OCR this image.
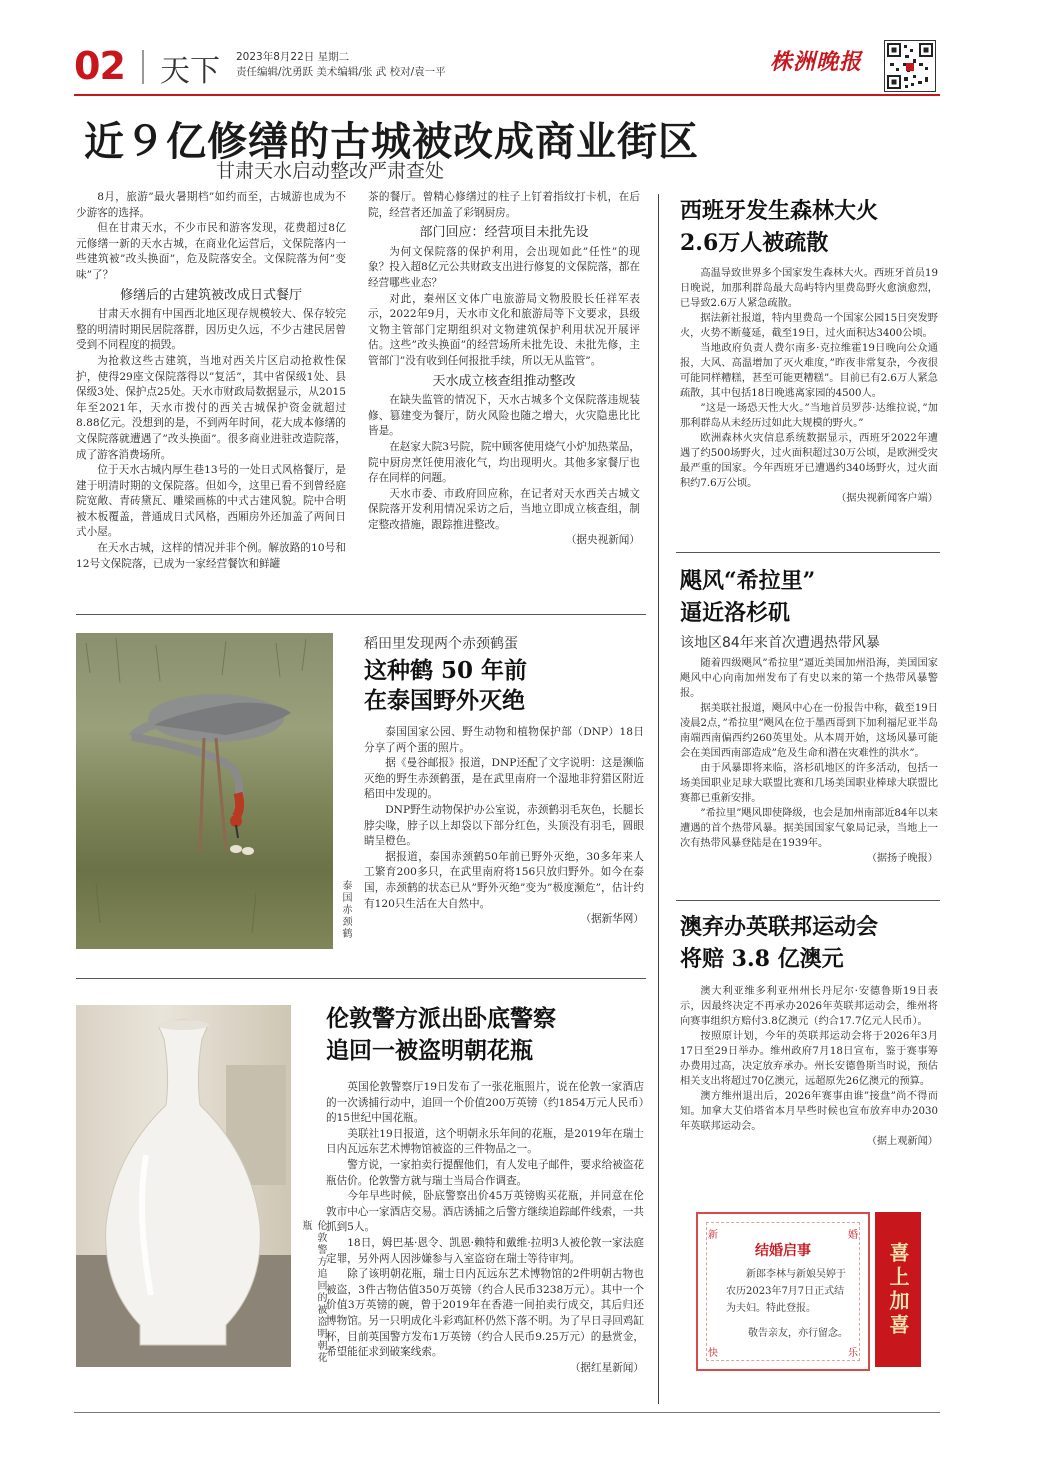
02 天下 2023年8月22日 星期二
责任编辑/沈勇跃 美术编辑/张 武 校对/袁一平	株洲晚报
近９亿修缮的古城被改成商业街区
甘肃天水启动整改严肃查处

8月，旅游”最火暑期档”如约而至，古城游也成为不少游客的选择。

但在甘肃天水，不少市民和游客发现，花费超过8亿元修缮一新的天水古城，在商业化运营后，文保院落内一些建筑被”改头换面”，危及院落安全。文保院落为何”变味”了？

修缮后的古建筑被改成日式餐厅

甘肃天水拥有中国西北地区现存规模较大、保存较完整的明清时期民居院落群，因历史久远，不少古建民居曾受到不同程度的损毁。

为抢救这些古建筑，当地对西关片区启动抢救性保护，使得29座文保院落得以”复活”，其中省保级1处、县保级3处、保护点25处。天水市财政局数据显示，从2015年至2021年，天水市拨付的西关古城保护资金就超过8.88亿元。没想到的是，不到两年时间，花大成本修缮的文保院落就遭遇了”改头换面”。很多商业进驻改造院落，成了游客消费场所。

位于天水古城内厚生巷13号的一处日式风格餐厅，是建于明清时期的文保院落。但如今，这里已看不到曾经庭院宽敞、青砖黛瓦、雕梁画栋的中式古建风貌。院中合明被木板覆盖，普通成日式风格，西厢房外还加盖了两间日式小屋。

在天水古城，这样的情况并非个例。解放路的10号和12号文保院落，已成为一家经营餐饮和鲜罐

茶的餐厅。曾精心修缮过的柱子上钉着指纹打卡机，在后院，经营者还加盖了彩钢厨房。

部门回应：经营项目未批先设

为何文保院落的保护利用，会出现如此”任性”的现象？投入超8亿元公共财政支出进行修复的文保院落，都在经营哪些业态？

对此，秦州区文体广电旅游局文物股股长任祥军表示，2022年9月，天水市文化和旅游局等下文要求，县级文物主管部门定期组织对文物建筑保护利用状况开展评估。这些”改头换面”的经营场所未批先设、未批先修，主管部门”没有收到任何报批手续，所以无从监管”。

天水成立核查组推动整改

在缺失监管的情况下，天水古城多个文保院落违规装修、篡建变为餐厅，防火风险也随之增大，火灾隐患比比皆是。

在赵家大院3号院，院中顾客使用烧气小炉加热菜品，院中厨房烹饪使用液化气，均出现明火。其他多家餐厅也存在同样的问题。

天水市委、市政府回应称，在记者对天水西关古城文保院落开发利用情况采访之后，当地立即成立核查组，制定整改措施，跟踪推进整改。

（据央视新闻）
泰国赤颈鹤
稻田里发现两个赤颈鹤蛋
这种鹤 50 年前
在泰国野外灭绝

泰国国家公园、野生动物和植物保护部（DNP）18日分享了两个蛋的照片。

据《曼谷邮报》报道，DNP还配了文字说明：这是濒临灭绝的野生赤颈鹤蛋，是在武里南府一个湿地非狩猎区附近稻田中发现的。

DNP野生动物保护办公室说，赤颈鹤羽毛灰色，长腿长脖尖喙，脖子以上却袋以下部分红色，头顶没有羽毛，圆眼睛呈橙色。

据报道，泰国赤颈鹤50年前已野外灭绝，30多年来人工繁育200多只，在武里南府将156只放归野外。如今在泰国，赤颈鹤的状态已从”野外灭绝”变为”极度濒危”，估计约有120只生活在大自然中。

（据新华网）
伦敦警方追回的被盗明朝花瓶
伦敦警方派出卧底警察
追回一被盗明朝花瓶

英国伦敦警察厅19日发布了一张花瓶照片，说在伦敦一家酒店的一次诱捕行动中，追回一个价值200万英镑（约1854万元人民币）的15世纪中国花瓶。

美联社19日报道，这个明朝永乐年间的花瓶，是2019年在瑞士日内瓦远东艺术博物馆被盗的三件物品之一。

警方说，一家拍卖行提醒他们，有人发电子邮件，要求给被盗花瓶估价。伦敦警方就与瑞士当局合作调查。

今年早些时候，卧底警察出价45万英镑购买花瓶，并同意在伦敦市中心一家酒店交易。酒店诱捕之后警方继续追踪邮件线索，一共抓到5人。

18日，姆巴基·恩令、凯恩·赖特和戴维·拉明3人被伦敦一家法庭定罪，另外两人因涉嫌参与入室盗窃在瑞士等待审判。

除了该明朝花瓶，瑞士日内瓦远东艺术博物馆的2件明朝古物也被盗，3件古物估值350万英镑（约合人民币3238万元）。其中一个价值3万英镑的碗，曾于2019年在香港一间拍卖行成交，其后归还博物馆。另一只明成化斗彩鸡缸杯仍然下落不明。为了早日寻回鸡缸杯，目前英国警方发布1万英镑（约合人民币9.25万元）的悬赏金，希望能征求到破案线索。

（据红星新闻）
西班牙发生森林大火
2.6万人被疏散

高温导致世界多个国家发生森林大火。西班牙首员19日晚说，加那利群岛最大岛屿特内里费岛野火愈演愈烈，已导致2.6万人紧急疏散。

据法新社报道，特内里费岛一个国家公园15日突发野火，火势不断蔓延，截至19日，过火面积达3400公顷。

当地政府负责人费尔南多·克拉维霍19日晚向公众通报，大风、高温增加了灭火难度，”昨夜非常复杂，今夜很可能同样糟糕，甚至可能更糟糕”。目前已有2.6万人紧急疏散，其中包括18日晚逃离家园的4500人。

”这是一场恐天性大火。”当地首员罗莎·达维拉说，”加那利群岛从未经历过如此大规模的野火。”

欧洲森林火灾信息系统数据显示，西班牙2022年遭遇了约500场野火，过火面积超过30万公顷，是欧洲受灾最严重的国家。今年西班牙已遭遇约340场野火，过火面积约7.6万公顷。

（据央视新闻客户端）
飓风“希拉里”
逼近洛杉矶
该地区84年来首次遭遇热带风暴

随着四级飓风”希拉里”逼近美国加州沿海，美国国家飓风中心向南加州发布了有史以来的第一个热带风暴警报。

据美联社报道，飓风中心在一份报告中称，截至19日凌晨2点，”希拉里”飓风在位于墨西哥到下加利福尼亚半岛南端西南偏西约260英里处。从本周开始，这场风暴可能会在美国西南部造成”危及生命和潜在灾难性的洪水”。

由于风暴即将来临，洛杉矶地区的许多活动，包括一场美国职业足球大联盟比赛和几场美国职业棒球大联盟比赛都已重新安排。

”希拉里”飓风即使降级，也会是加州南部近84年以来遭遇的首个热带风暴。据美国国家气象局记录，当地上一次有热带风暴登陆是在1939年。

（据扬子晚报）
澳弃办英联邦运动会
将赔 3.8 亿澳元

澳大利亚维多利亚州州长丹尼尔·安德鲁斯19日表示，因最终决定不再承办2026年英联邦运动会，维州将向赛事组织方赔付3.8亿澳元（约合17.7亿元人民币）。

按照原计划，今年的英联邦运动会将于2026年3月17日至29日举办。维州政府7月18日宣布，鉴于赛事筹办费用过高，决定放弃承办。州长安德鲁斯当时说，预估相关支出将超过70亿澳元，远超原先26亿澳元的预算。

澳方维州退出后，2026年赛事由谁”接盘”尚不得而知。加拿大艾伯塔省本月早些时候也宣布放弃申办2030年英联邦运动会。

（据上观新闻）
新	婚
快	乐
结婚启事
新郎李林与新娘吴婷于农历2023年7月7日正式结为夫妇。特此登报。
敬告亲友，亦行留念。	喜上加喜
